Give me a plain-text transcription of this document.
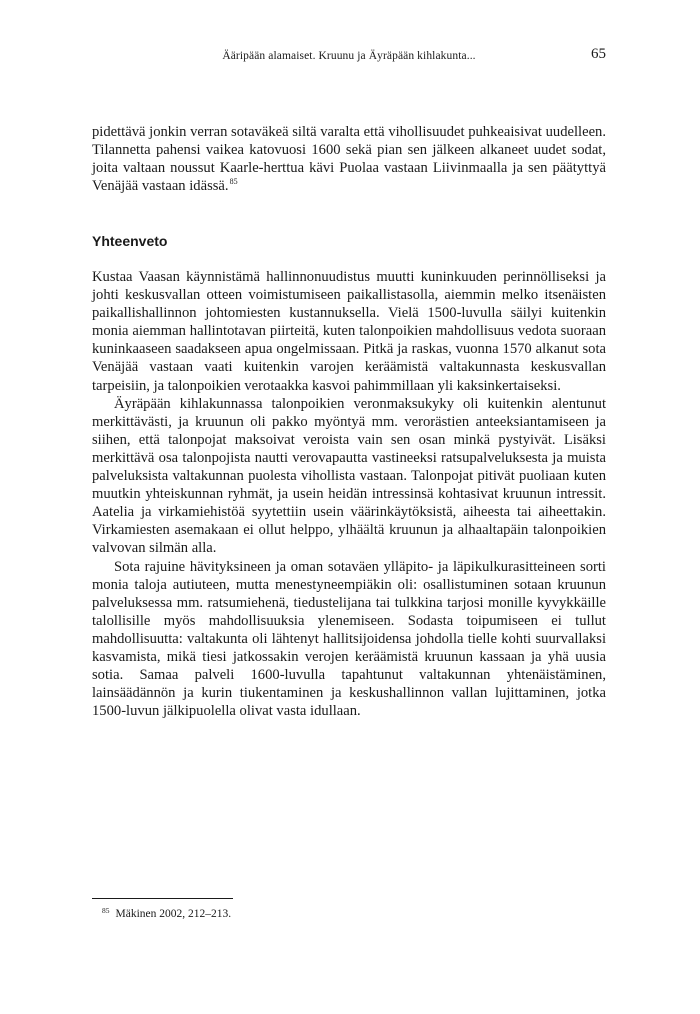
Ääripään alamaiset. Kruunu ja Äyräpään kihlakunta...	65

pidettävä jonkin verran sotaväkeä siltä varalta että vihollisuudet puhkeaisivat uudelleen. Tilannetta pahensi vaikea katovuosi 1600 sekä pian sen jälkeen alkaneet uudet sodat, joita valtaan noussut Kaarle-herttua kävi Puolaa vastaan Liivinmaalla ja sen päätyttyä Venäjää vastaan idässä.$^{85}$

Yhteenveto

Kustaa Vaasan käynnistämä hallinnonuudistus muutti kuninkuuden perinnölliseksi ja johti keskusvallan otteen voimistumiseen paikallistasolla, aiemmin melko itsenäisten paikallishallinnon johtomiesten kustannuksella. Vielä 1500-luvulla säilyi kuitenkin monia aiemman hallintotavan piirteitä, kuten talonpoikien mahdollisuus vedota suoraan kuninkaaseen saadakseen apua ongelmissaan. Pitkä ja raskas, vuonna 1570 alkanut sota Venäjää vastaan vaati kuitenkin varojen keräämistä valtakunnasta keskusvallan tarpeisiin, ja talonpoikien verotaakka kasvoi pahimmillaan yli kaksinkertaiseksi.

Äyräpään kihlakunnassa talonpoikien veronmaksukyky oli kuitenkin alentunut merkittävästi, ja kruunun oli pakko myöntyä mm. verorästien anteeksiantamiseen ja siihen, että talonpojat maksoivat veroista vain sen osan minkä pystyivät. Lisäksi merkittävä osa talonpojista nautti verovapautta vastineeksi ratsupalveluksesta ja muista palveluksista valtakunnan puolesta vihollista vastaan. Talonpojat pitivät puoliaan kuten muutkin yhteiskunnan ryhmät, ja usein heidän intressinsä kohtasivat kruunun intressit. Aatelia ja virkamiehistöä syytettiin usein väärinkäytöksistä, aiheesta tai aiheettakin. Virkamiesten asemakaan ei ollut helppo, ylhäältä kruunun ja alhaaltapäin talonpoikien valvovan silmän alla.

Sota rajuine hävityksineen ja oman sotaväen ylläpito- ja läpikulkurasitteineen sorti monia taloja autiuteen, mutta menestyneempiäkin oli: osallistuminen sotaan kruunun palveluksessa mm. ratsumiehenä, tiedustelijana tai tulkkina tarjosi monille kyvykkäille talollisille myös mahdollisuuksia ylenemiseen. Sodasta toipumiseen ei tullut mahdollisuutta: valtakunta oli lähtenyt hallitsijoidensa johdolla tielle kohti suurvallaksi kasvamista, mikä tiesi jatkossakin verojen keräämistä kruunun kassaan ja yhä uusia sotia. Samaa palveli 1600-luvulla tapahtunut valtakunnan yhtenäistäminen, lainsäädännön ja kurin tiukentaminen ja keskushallinnon vallan lujittaminen, jotka 1500-luvun jälkipuolella olivat vasta idullaan.

$^{85}$ Mäkinen 2002, 212–213.
